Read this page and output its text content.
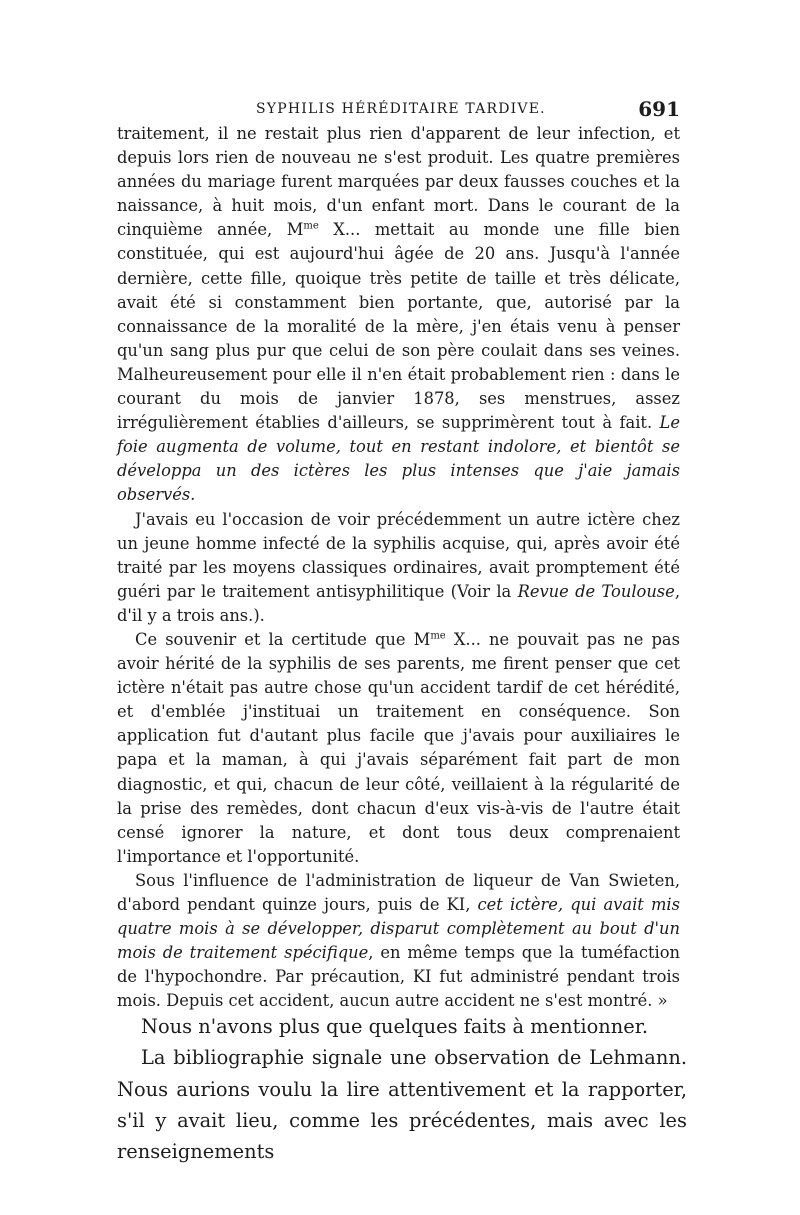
SYPHILIS HÉRÉDITAIRE TARDIVE.	691

traitement, il ne restait plus rien d'apparent de leur infection, et depuis lors rien de nouveau ne s'est produit. Les quatre premières années du mariage furent marquées par deux fausses couches et la naissance, à huit mois, d'un enfant mort. Dans le courant de la cinquième année, $M^{me}$ X... mettait au monde une fille bien constituée, qui est aujourd'hui âgée de 20 ans. Jusqu'à l'année dernière, cette fille, quoique très petite de taille et très délicate, avait été si constamment bien portante, que, autorisé par la connaissance de la moralité de la mère, j'en étais venu à penser qu'un sang plus pur que celui de son père coulait dans ses veines. Malheureusement pour elle il n'en était probablement rien : dans le courant du mois de janvier 1878, ses menstrues, assez irrégulièrement établies d'ailleurs, se supprimèrent tout à fait. Le foie augmenta de volume, tout en restant indolore, et bientôt se développa un des ictères les plus intenses que j'aie jamais observés.

J'avais eu l'occasion de voir précédemment un autre ictère chez un jeune homme infecté de la syphilis acquise, qui, après avoir été traité par les moyens classiques ordinaires, avait promptement été guéri par le traitement antisyphilitique (Voir la Revue de Toulouse, d'il y a trois ans.).

Ce souvenir et la certitude que $M^{me}$ X... ne pouvait pas ne pas avoir hérité de la syphilis de ses parents, me firent penser que cet ictère n'était pas autre chose qu'un accident tardif de cet hérédité, et d'emblée j'instituai un traitement en conséquence. Son application fut d'autant plus facile que j'avais pour auxiliaires le papa et la maman, à qui j'avais séparément fait part de mon diagnostic, et qui, chacun de leur côté, veillaient à la régularité de la prise des remèdes, dont chacun d'eux vis-à-vis de l'autre était censé ignorer la nature, et dont tous deux comprenaient l'importance et l'opportunité.

Sous l'influence de l'administration de liqueur de Van Swieten, d'abord pendant quinze jours, puis de KI, cet ictère, qui avait mis quatre mois à se développer, disparut complètement au bout d'un mois de traitement spécifique, en même temps que la tuméfaction de l'hypochondre. Par précaution, KI fut administré pendant trois mois. Depuis cet accident, aucun autre accident ne s'est montré. »

Nous n'avons plus que quelques faits à mentionner.

La bibliographie signale une observation de Lehmann. Nous aurions voulu la lire attentivement et la rapporter, s'il y avait lieu, comme les précédentes, mais avec les renseignements
